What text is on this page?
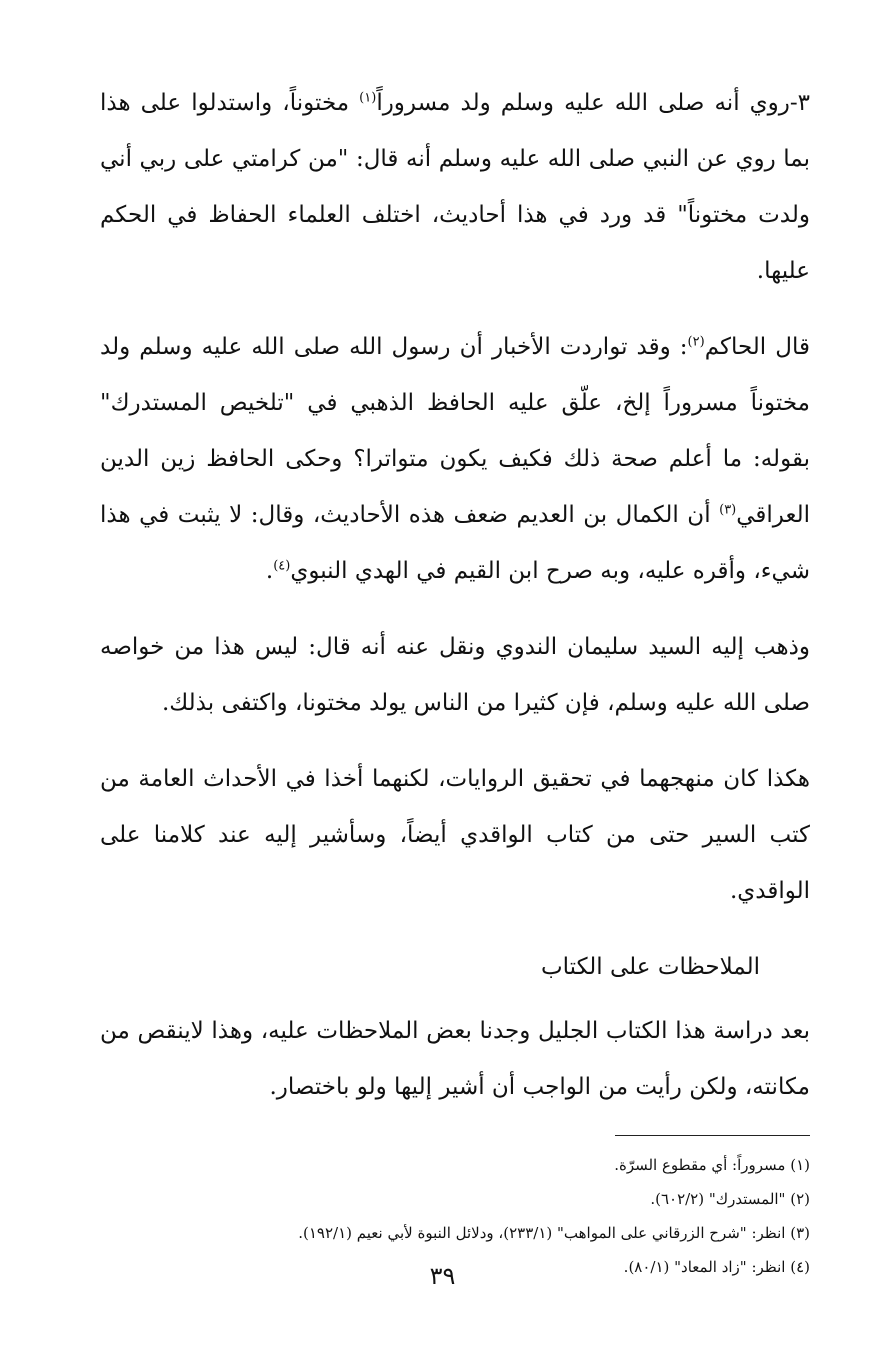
٣-روي أنه صلى الله عليه وسلم ولد مسروراً$^{(١)}$ مختوناً، واستدلوا على هذا بما روي عن النبي صلى الله عليه وسلم أنه قال: "من كرامتي على ربي أني ولدت مختوناً" قد ورد في هذا أحاديث، اختلف العلماء الحفاظ في الحكم عليها.

قال الحاكم$^{(٢)}$: وقد تواردت الأخبار أن رسول الله صلى الله عليه وسلم ولد مختوناً مسروراً إلخ، علّق عليه الحافظ الذهبي في "تلخيص المستدرك" بقوله: ما أعلم صحة ذلك فكيف يكون متواترا؟ وحكى الحافظ زين الدين العراقي$^{(٣)}$ أن الكمال بن العديم ضعف هذه الأحاديث، وقال: لا يثبت في هذا شيء، وأقره عليه، وبه صرح ابن القيم في الهدي النبوي$^{(٤)}$.

وذهب إليه السيد سليمان الندوي ونقل عنه أنه قال: ليس هذا من خواصه صلى الله عليه وسلم، فإن كثيرا من الناس يولد مختونا، واكتفى بذلك.

هكذا كان منهجهما في تحقيق الروايات، لكنهما أخذا في الأحداث العامة من كتب السير حتى من كتاب الواقدي أيضاً، وسأشير إليه عند كلامنا على الواقدي.

الملاحظات على الكتاب

بعد دراسة هذا الكتاب الجليل وجدنا بعض الملاحظات عليه، وهذا لاينقص من مكانته، ولكن رأيت من الواجب أن أشير إليها ولو باختصار.

(١) مسروراً: أي مقطوع السرّة.

(٢) "المستدرك" (٦٠٢/٢).

(٣) انظر: "شرح الزرقاني على المواهب" (٢٣٣/١)، ودلائل النبوة لأبي نعيم (١٩٢/١).

(٤) انظر: "زاد المعاد" (٨٠/١).

٣٩
